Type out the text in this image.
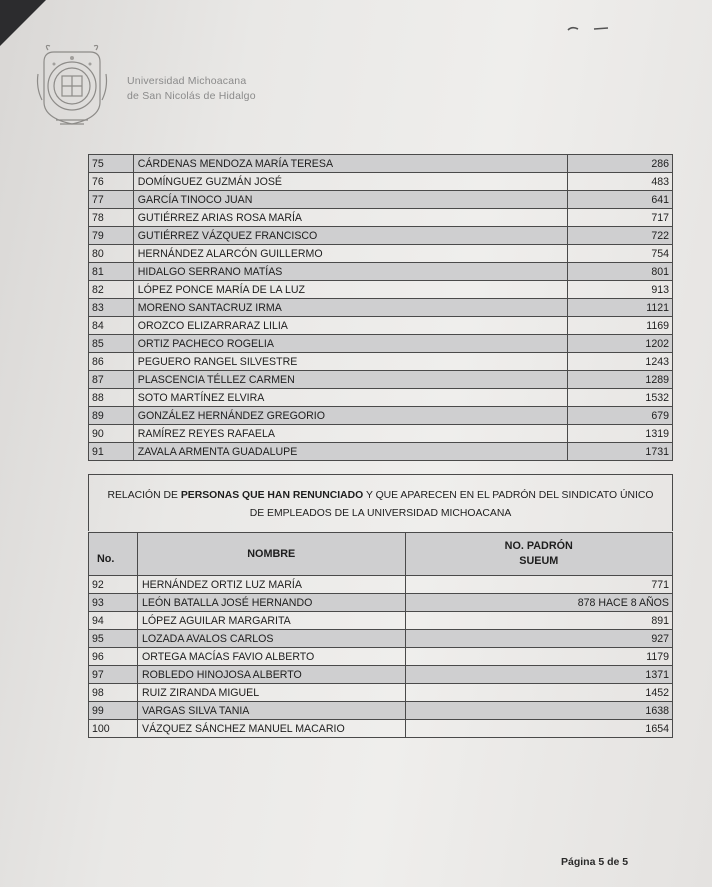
Universidad Michoacana
de San Nicolás de Hidalgo
75	CÁRDENAS MENDOZA MARÍA TERESA	286
76	DOMÍNGUEZ GUZMÁN JOSÉ	483
77	GARCÍA TINOCO JUAN	641
78	GUTIÉRREZ ARIAS ROSA MARÍA	717
79	GUTIÉRREZ VÁZQUEZ FRANCISCO	722
80	HERNÁNDEZ ALARCÓN GUILLERMO	754
81	HIDALGO SERRANO MATÍAS	801
82	LÓPEZ PONCE MARÍA DE LA LUZ	913
83	MORENO SANTACRUZ IRMA	1121
84	OROZCO ELIZARRARAZ LILIA	1169
85	ORTIZ PACHECO ROGELIA	1202
86	PEGUERO RANGEL SILVESTRE	1243
87	PLASCENCIA TÉLLEZ CARMEN	1289
88	SOTO MARTÍNEZ ELVIRA	1532
89	GONZÁLEZ HERNÁNDEZ GREGORIO	679
90	RAMÍREZ REYES RAFAELA	1319
91	ZAVALA ARMENTA GUADALUPE	1731
RELACIÓN DE PERSONAS QUE HAN RENUNCIADO Y QUE APARECEN EN EL PADRÓN DEL SINDICATO ÚNICO
DE EMPLEADOS DE LA UNIVERSIDAD MICHOACANA
No.	NOMBRE	NO. PADRÓN
SUEUM
92	HERNÁNDEZ ORTIZ LUZ MARÍA	771
93	LEÓN BATALLA JOSÉ HERNANDO	878 HACE 8 AÑOS
94	LÓPEZ AGUILAR MARGARITA	891
95	LOZADA AVALOS CARLOS	927
96	ORTEGA MACÍAS FAVIO ALBERTO	1179
97	ROBLEDO HINOJOSA ALBERTO	1371
98	RUIZ ZIRANDA MIGUEL	1452
99	VARGAS SILVA TANIA	1638
100	VÁZQUEZ SÁNCHEZ MANUEL MACARIO	1654
Página 5 de 5
